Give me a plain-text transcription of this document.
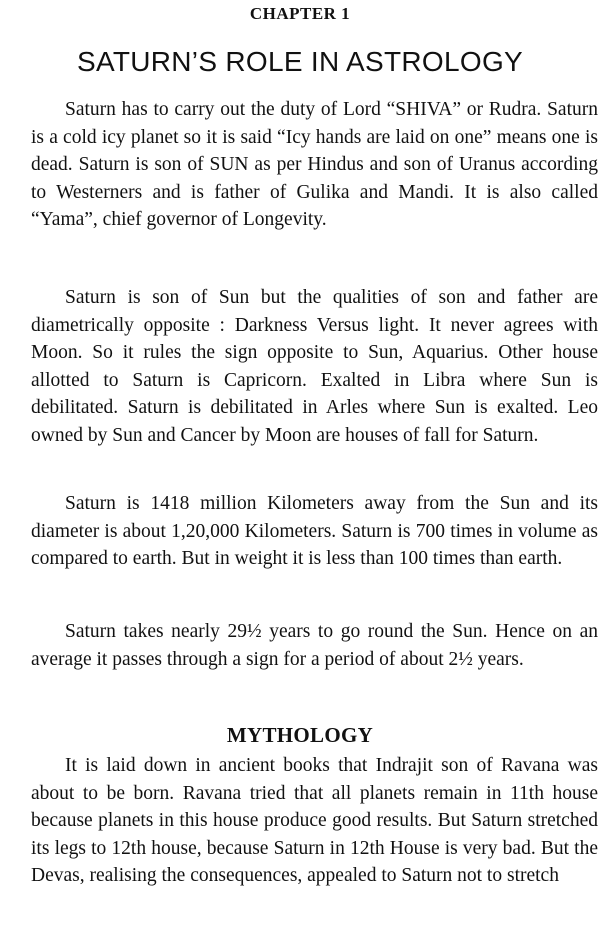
CHAPTER 1
SATURN’S ROLE IN ASTROLOGY

Saturn has to carry out the duty of Lord “SHIVA” or Rudra. Saturn is a cold icy planet so it is said “Icy hands are laid on one” means one is dead. Saturn is son of SUN as per Hindus and son of Uranus according to Westerners and is father of Gulika and Mandi. It is also called “Yama”, chief governor of Longevity.

Saturn is son of Sun but the qualities of son and father are diametrically opposite : Darkness Versus light. It never agrees with Moon. So it rules the sign opposite to Sun, Aquarius. Other house allotted to Saturn is Capricorn. Exalted in Libra where Sun is debilitated. Saturn is debilitated in Arles where Sun is exalted. Leo owned by Sun and Cancer by Moon are houses of fall for Saturn.

Saturn is 1418 million Kilometers away from the Sun and its diameter is about 1,20,000 Kilometers. Saturn is 700 times in volume as compared to earth. But in weight it is less than 100 times than earth.

Saturn takes nearly 29½ years to go round the Sun. Hence on an average it passes through a sign for a period of about 2½ years.

MYTHOLOGY

It is laid down in ancient books that Indrajit son of Ravana was about to be born. Ravana tried that all planets remain in 11th house because planets in this house produce good results. But Saturn stretched its legs to 12th house, because Saturn in 12th House is very bad. But the Devas, realising the consequences, appealed to Saturn not to stretch
